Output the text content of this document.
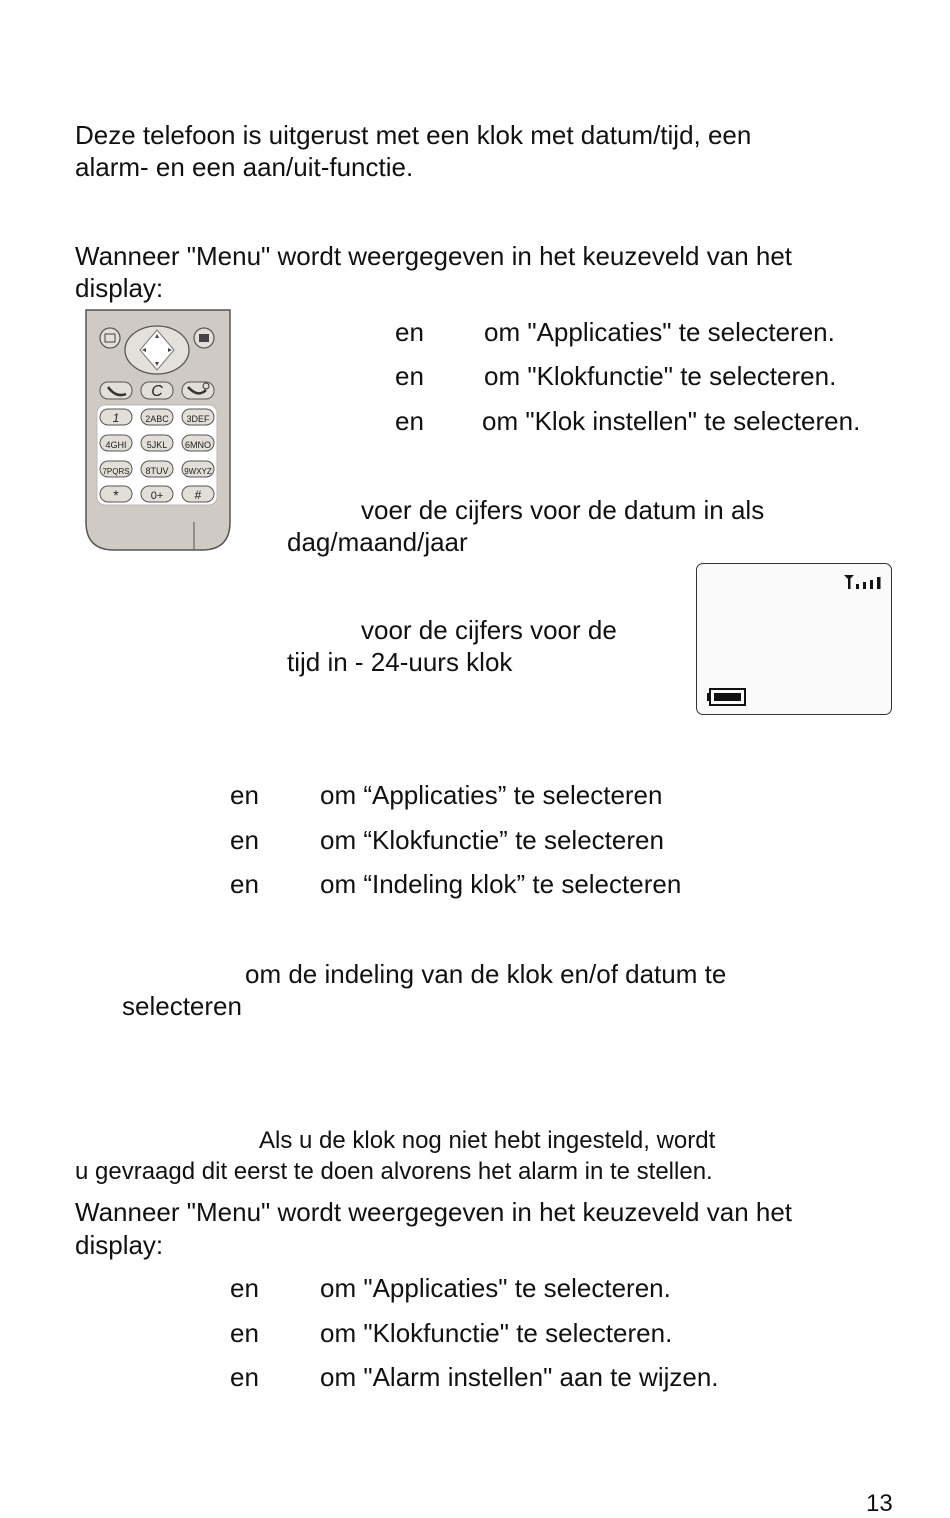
Deze telefoon is uitgerust met een klok met datum/tijd, een
alarm- en een aan/uit-functie.
Wanneer "Menu" wordt weergegeven in het keuzeveld van het
display:
C
1	2ABC 3DEF
4GHI 5JKL 6MNO
7PQRS 8TUV 9WXYZ
*	0+	#
en om "Applicaties" te selecteren.
en om "Klokfunctie" te selecteren.
en om "Klok instellen" te selecteren.
voer de cijfers voor de datum in als
dag/maand/jaar
voor de cijfers voor de
tijd in - 24-uurs klok
en om “Applicaties” te selecteren
en om “Klokfunctie” te selecteren
en om “Indeling klok” te selecteren
om de indeling van de klok en/of datum te
selecteren
Als u de klok nog niet hebt ingesteld, wordt
u gevraagd dit eerst te doen alvorens het alarm in te stellen.
Wanneer "Menu" wordt weergegeven in het keuzeveld van het
display:
en om "Applicaties" te selecteren.
en om "Klokfunctie" te selecteren.
en om "Alarm instellen" aan te wijzen.
13
